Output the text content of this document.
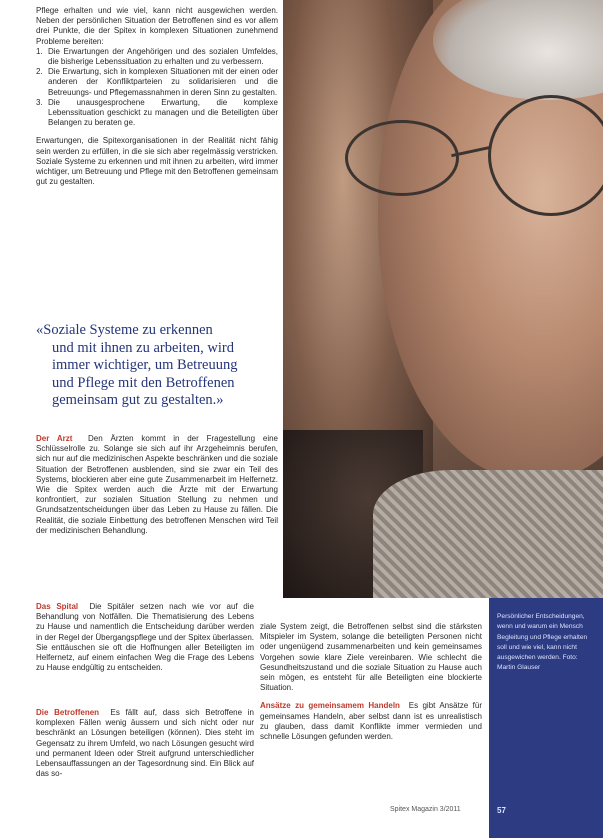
Pflege erhalten und wie viel, kann nicht ausgewichen werden. Neben der persönlichen Situation der Betroffenen sind es vor allem drei Punkte, die der Spitex in komplexen Situationen zunehmend Probleme bereiten:

1. Die Erwartungen der Angehörigen und des sozialen Umfeldes, die bisherige Lebenssituation zu erhalten und zu verbessern.
2. Die Erwartung, sich in komplexen Situationen mit der einen oder anderen der Konfliktparteien zu solidarisieren und die Betreuungs- und Pflegemassnahmen in deren Sinn zu gestalten.
3. Die unausgesprochene Erwartung, die komplexe Lebenssituation geschickt zu managen und die Beteiligten über Belangen zu beraten ge.

Erwartungen, die Spitexorganisationen in der Realität nicht fähig sein werden zu erfüllen, in die sie sich aber regelmässig verstricken. Soziale Systeme zu erkennen und mit ihnen zu arbeiten, wird immer wichtiger, um Betreuung und Pflege mit den Betroffenen gemeinsam gut zu gestalten.

«Soziale Systeme zu erkennen
und mit ihnen zu arbeiten, wird
immer wichtiger, um Betreuung
und Pflege mit den Betroffenen
gemeinsam gut zu gestalten.»

Der Arzt Den Ärzten kommt in der Fragestellung eine Schlüsselrolle zu. Solange sie sich auf ihr Arzgeheimnis berufen, sich nur auf die medizinischen Aspekte beschränken und die soziale Situation der Betroffenen ausblenden, sind sie zwar ein Teil des Systems, blockieren aber eine gute Zusammenarbeit im Helfernetz. Wie die Spitex werden auch die Ärzte mit der Erwartung konfrontiert, zur sozialen Situation Stellung zu nehmen und Grundsatzentscheidungen über das Leben zu Hause zu fällen. Die Realität, die soziale Einbettung des betroffenen Menschen wird Teil der medizinischen Behandlung.

Das Spital Die Spitäler setzen nach wie vor auf die Behandlung von Notfällen. Die Thematisierung des Lebens zu Hause und namentlich die Entscheidung darüber werden in der Regel der Übergangspflege und der Spitex überlassen. Sie enttäuschen sie oft die Hoffnungen aller Beteiligten im Helfernetz, auf einem einfachen Weg die Frage des Lebens zu Hause endgültig zu entscheiden.

Die Betroffenen Es fällt auf, dass sich Betroffene in komplexen Fällen wenig äussern und sich nicht oder nur beschränkt an Lösungen beteiligen (können). Dies steht im Gegensatz zu ihrem Umfeld, wo nach Lösungen gesucht wird und permanent Ideen oder Streit aufgrund unterschiedlicher Lebensauffassungen an der Tagesordnung sind. Ein Blick auf das so-

ziale System zeigt, die Betroffenen selbst sind die stärksten Mitspieler im System, solange die beteiligten Personen nicht oder ungenügend zusammenarbeiten und kein gemeinsames Vorgehen sowie klare Ziele vereinbaren. Wie schlecht die Gesundheitszustand und die soziale Situation zu Hause auch sein mögen, es entsteht für alle Beteiligten eine blockierte Situation.

Ansätze zu gemeinsamem Handeln Es gibt Ansätze für gemeinsames Handeln, aber selbst dann ist es unrealistisch zu glauben, dass damit Konflikte immer vermieden und schnelle Lösungen gefunden werden.

Persönlicher Entscheidungen, wenn und warum ein Mensch Begleitung und Pflege erhalten soll und wie viel, kann nicht ausgewichen werden. Foto: Martin Glauser
Spitex Magazin 3/2011	57
